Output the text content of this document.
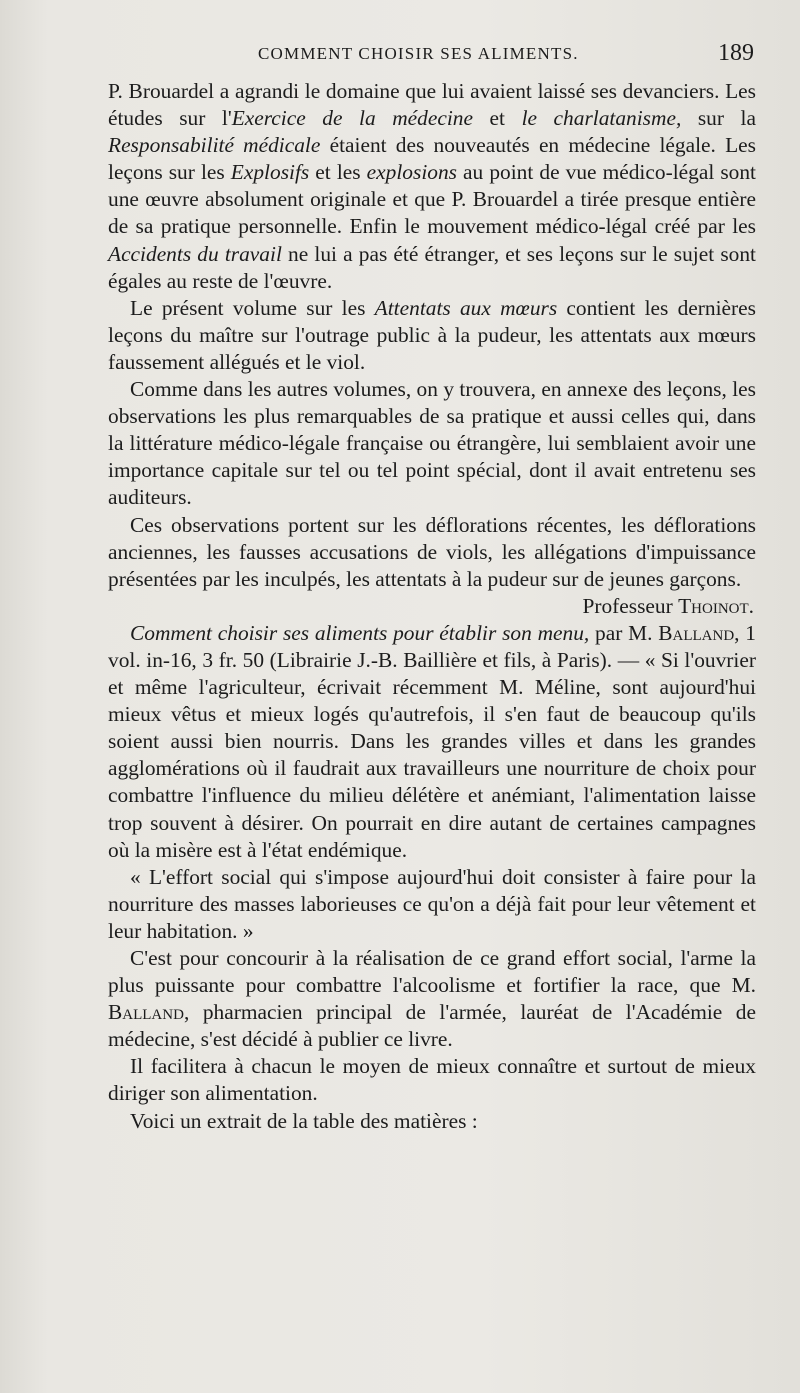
COMMENT CHOISIR SES ALIMENTS.	189

P. Brouardel a agrandi le domaine que lui avaient laissé ses devanciers. Les études sur l'Exercice de la médecine et le charlatanisme, sur la Responsabilité médicale étaient des nouveautés en médecine légale. Les leçons sur les Explosifs et les explosions au point de vue médico-légal sont une œuvre absolument originale et que P. Brouardel a tirée presque entière de sa pratique personnelle. Enfin le mouvement médico-légal créé par les Accidents du travail ne lui a pas été étranger, et ses leçons sur le sujet sont égales au reste de l'œuvre.

Le présent volume sur les Attentats aux mœurs contient les dernières leçons du maître sur l'outrage public à la pudeur, les attentats aux mœurs faussement allégués et le viol.

Comme dans les autres volumes, on y trouvera, en annexe des leçons, les observations les plus remarquables de sa pratique et aussi celles qui, dans la littérature médico-légale française ou étrangère, lui semblaient avoir une importance capitale sur tel ou tel point spécial, dont il avait entretenu ses auditeurs.

Ces observations portent sur les déflorations récentes, les déflorations anciennes, les fausses accusations de viols, les allégations d'impuissance présentées par les inculpés, les attentats à la pudeur sur de jeunes garçons.

Professeur Thoinot.

Comment choisir ses aliments pour établir son menu, par M. Balland, 1 vol. in-16, 3 fr. 50 (Librairie J.-B. Baillière et fils, à Paris). — « Si l'ouvrier et même l'agriculteur, écrivait récemment M. Méline, sont aujourd'hui mieux vêtus et mieux logés qu'autrefois, il s'en faut de beaucoup qu'ils soient aussi bien nourris. Dans les grandes villes et dans les grandes agglomérations où il faudrait aux travailleurs une nourriture de choix pour combattre l'influence du milieu délétère et anémiant, l'alimentation laisse trop souvent à désirer. On pourrait en dire autant de certaines campagnes où la misère est à l'état endémique.

« L'effort social qui s'impose aujourd'hui doit consister à faire pour la nourriture des masses laborieuses ce qu'on a déjà fait pour leur vêtement et leur habitation. »

C'est pour concourir à la réalisation de ce grand effort social, l'arme la plus puissante pour combattre l'alcoolisme et fortifier la race, que M. Balland, pharmacien principal de l'armée, lauréat de l'Académie de médecine, s'est décidé à publier ce livre.

Il facilitera à chacun le moyen de mieux connaître et surtout de mieux diriger son alimentation.

Voici un extrait de la table des matières :
